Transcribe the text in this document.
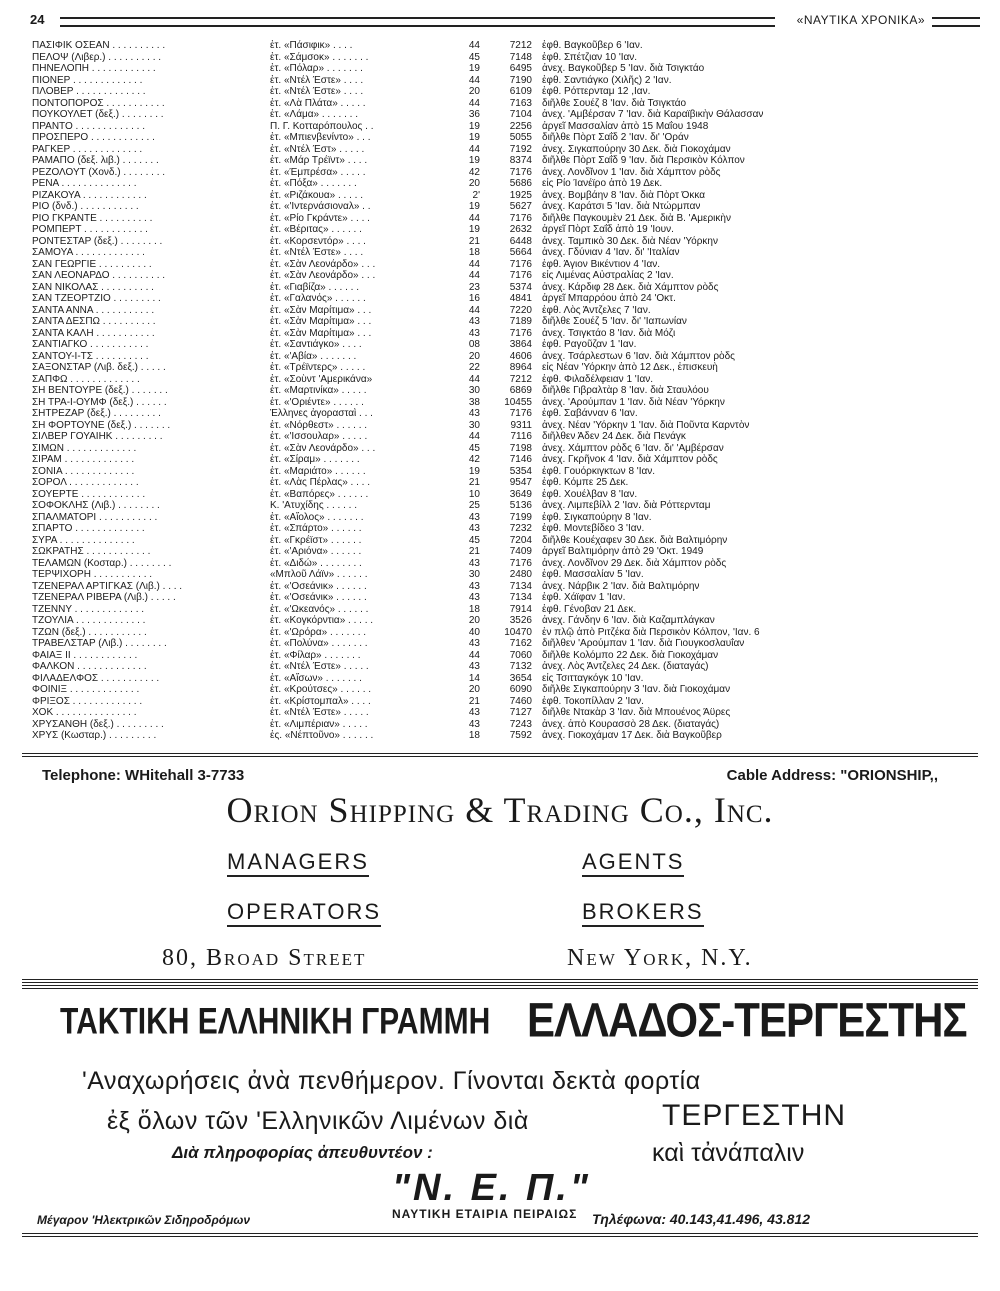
24	«ΝΑΥΤΙΚΑ ΧΡΟΝΙΚΑ»
ΠΑΣΙΦΙΚ ΟΣΕΑΝ . . . . . . . . . .	ἐτ. «Πάσιφικ» . . . .	44	7212 ἐφθ. Βαγκοῦβερ 6 'Ιαν.
ΠΕΛΟΨ (Λιβερ.) . . . . . . . . . .	ἐτ. «Σάμσοκ» . . . . . . .	45	7148 ἐφθ. Σπέτζιαν 10 'Ιαν.
ΠΗΝΕΛΟΠΗ . . . . . . . . . . . .	ἐτ. «Πόλαρ» . . . . . . .	19	6495 ἀνεχ. Βαγκοῦβερ 5 'Ιαν. διὰ Τσιγκτάο
ΠΙΟΝΕΡ . . . . . . . . . . . . .	ἐτ. «Ντέλ Έστε» . . . .	44	7190 ἐφθ. Σαντιάγκο (Χιλῆς) 2 'Ιαν.
ΠΛΟΒΕΡ . . . . . . . . . . . . .	ἐτ. «Ντέλ Έστε» . . . .	20	6109 ἐφθ. Ρόττερνταμ 12 ,Ιαν.
ΠΟΝΤΟΠΟΡΟΣ . . . . . . . . . . .	ἐτ. «Λὰ Πλάτα» . . . . .	44	7163 διῆλθε Σουέζ 8 'Ιαν. διὰ Τσιγκτάο
ΠΟΥΚΟΥΛΕΤ (δεξ.) . . . . . . . .	ἐτ. «Λάμα» . . . . . . .	36	7104 ἀνεχ. 'Αμβέρσαν 7 'Ιαν. διὰ Καραϊβικὴν Θάλασσαν
ΠΡΑΝΤΟ . . . . . . . . . . . . .	Π. Γ. Κοτταρόπουλος . .	19	2256 ἀργεῖ Μασσαλίαν ἀπὸ 15 Μαΐου 1948
ΠΡΟΣΠΕΡΟ . . . . . . . . . . . .	ἐτ. «Μπιενβενίντο» . . .	19	5055 διῆλθε Πὸρτ Σαΐδ 2 'Ιαν. δι' 'Οράν
ΡΑΓΚΕΡ . . . . . . . . . . . . .	ἐτ. «Ντέλ Έστ» . . . . .	44	7192 ἀνεχ. Σιγκαπούρην 30 Δεκ. διὰ Γιοκοχάμαν
ΡΑΜΑΠΟ (δεξ. λιβ.) . . . . . . .	ἐτ. «Μάρ Τρέϊντ» . . . .	19	8374 διῆλθε Πὸρτ Σαΐδ 9 'Ιαν. διὰ Περσικὸν Κόλπον
ΡΕΖΟΛΟΥΤ (Χονδ.) . . . . . . . .	ἐτ. «Έμπρέσα» . . . . .	42	7176 ἀνεχ. Λονδῖνον 1 'Ιαν. διὰ Χάμπτον ρὸδς
ΡΕΝΑ . . . . . . . . . . . . . .	ἐτ. «Πόξα» . . . . . . .	20	5686 εἰς Ρίο Ίανέϊρο ἀπὸ 19 Δεκ.
ΡΙΖΑΚΟΥΑ . . . . . . . . . . . .	ἐτ. «Ριζάκουα» . . . . .	2'	1925 ἀνεχ. Βομβάην 8 'Ιαν. διὰ Πὸρτ Όκκα
ΡΙΟ (δνδ.) . . . . . . . . . . .	ἐτ. «'Ιντερνάσιοναλ» . .	19	5627 ἀνεχ. Καράτσι 5 'Ιαν. διὰ Ντώρμπαν
ΡΙΟ ΓΚΡΑΝΤΕ . . . . . . . . . .	ἐτ. «Ρίο Γκράντε» . . . .	44	7176 διῆλθε Παγκουμὲν 21 Δεκ. διὰ Β. 'Αμερικὴν
ΡΟΜΠΕΡΤ . . . . . . . . . . . .	ἐτ. «Βέριτας» . . . . . .	19	2632 ἀργεῖ Πὸρτ Σαΐδ ἀπὸ 19 'Ιουν.
ΡΟΝΤΕΣΤΑΡ (δεξ.) . . . . . . . .	ἐτ. «Κορσεντόρ» . . . .	21	6448 ἀνεχ. Ταμπικὸ 30 Δεκ. διὰ Νέαν 'Υόρκην
ΣΑΜΟΥΑ . . . . . . . . . . . . .	ἐτ. «Ντέλ Έστε» . . . .	18	5664 ἀνεχ. Γδύνιαν 4 'Ιαν. δι' 'Ιταλίαν
ΣΑΝ ΓΕΩΡΓΙΕ . . . . . . . . . .	ἐτ. «Σὰν Λεονάρδο» . . .	44	7176 ἐφθ. Άγιον Βικέντιον 4 'Ιαν.
ΣΑΝ ΛΕΟΝΑΡΔΟ . . . . . . . . . .	ἐτ. «Σὰν Λεονάρδο» . . .	44	7176 εἰς Λιμένας Αὐστραλίας 2 'Ιαν.
ΣΑΝ ΝΙΚΟΛΑΣ . . . . . . . . . .	ἐτ. «Γιαβίζα» . . . . . .	23	5374 ἀνεχ. Κάρδιφ 28 Δεκ. διὰ Χάμπτον ρὸδς
ΣΑΝ ΤΖΕΟΡΤΖΙΟ . . . . . . . . .	ἐτ. «Γαλανός» . . . . . .	16	4841 ἀργεῖ Μπαρρόου ἀπὸ 24 'Οκτ.
ΣΑΝΤΑ ΑΝΝΑ . . . . . . . . . . .	ἐτ. «Σὰν Μαρίτιμα» . . .	44	7220 ἐφθ. Λὸς Άντζελες 7 'Ιαν.
ΣΑΝΤΑ ΔΕΣΠΩ . . . . . . . . . .	ἐτ. «Σὰν Μαρίτιμα» . . .	43	7189 διῆλθε Σουέζ 5 'Ιαν. δι' 'Ιαπωνίαν
ΣΑΝΤΑ ΚΑΛΗ . . . . . . . . . . .	ἐτ. «Σὰν Μαρίτιμα» . . .	43	7176 ἀνεχ. Τσιγκτάο 8 'Ιαν. διὰ Μόζι
ΣΑΝΤΙΑΓΚΟ . . . . . . . . . . .	ἐτ. «Σαντιάγκο» . . . .	08	3864 ἐφθ. Ραγοῦζαν 1 'Ιαν.
ΣΑΝΤΟΥ-Ι-ΤΣ . . . . . . . . . .	ἐτ. «'Αβία» . . . . . . .	20	4606 ἀνεχ. Τσάρλεστων 6 'Ιαν. διὰ Χάμπτον ρὸδς
ΣΑΞΟΝΣΤΑΡ (Λιβ. δεξ.) . . . . .	ἐτ. «Τρέϊντερς» . . . . .	22	8964 εἰς Νέαν 'Υόρκην ἀπὸ 12 Δεκ., ἐπισκευὴ
ΣΑΠΦΩ . . . . . . . . . . . . .	ἐτ. «Σοὺντ 'Αμερικάνα»	44	7212 ἐφθ. Φιλαδέλφειαν 1 'Ιαν.
ΣΗ ΒΕΝΤΟΥΡΕ (δεξ.) . . . . . . .	ἐτ. «Μαρτινίκα» . . . . .	30	6869 διῆλθε Γιβραλτὰρ 8 'Ιαν. διὰ Σταυλόου
ΣΗ ΤΡΑ-Ι-ΟΥΜΦ (δεξ.) . . . . . .	ἐτ. «'Οριέντε» . . . . . .	38	10455 ἀνεχ. 'Αρούμπαν 1 'Ιαν. διὰ Νέαν 'Υόρκην
ΣΗΤΡΕΖΑΡ (δεξ.) . . . . . . . . .	Έλληνες ἀγορασταὶ . . .	43	7176 ἐφθ. Σαβάνναν 6 'Ιαν.
ΣΗ ΦΟΡΤΟΥΝΕ (δεξ.) . . . . . . .	ἐτ. «Νόρθεστ» . . . . . .	30	9311 ἀνεχ. Νέαν 'Υόρκην 1 'Ιαν. διὰ Ποῦντα Καρντὸν
ΣΙΛΒΕΡ ΓΟΥΑΙΗΚ . . . . . . . . .	ἐτ. «'Ισσουλαρ» . . . . .	44	7116 διῆλθεν Άδεν 24 Δεκ. διὰ Πενάγκ
ΣΙΜΩΝ . . . . . . . . . . . . .	ἐτ. «Σὰν Λεονάρδο» . . .	45	7198 ἀνεχ. Χάμπτον ρὸδς 6 'Ιαν. δι' 'Αμβέρσαν
ΣΙΡΑΜ . . . . . . . . . . . . .	ἐτ. «Σίραμ» . . . . . . .	42	7146 ἀνεχ. Γκρῆνοκ 4 'Ιαν. διὰ Χάμπτον ρὸδς
ΣΟΝΙΑ . . . . . . . . . . . . .	ἐτ. «Μαριάτο» . . . . . .	19	5354 ἐφθ. Γουόρκιγκτων 8 'Ιαν.
ΣΟΡΟΛ . . . . . . . . . . . . .	ἐτ. «Λὰς Πέρλας» . . . .	21	9547 ἐφθ. Κόμπε 25 Δεκ.
ΣΟΥΕΡΤΕ . . . . . . . . . . . .	ἐτ. «Βαπόρες» . . . . . .	10	3649 ἐφθ. Χουέλβαν 8 'Ιαν.
ΣΟΦΟΚΛΗΣ (Λιβ.) . . . . . . . .	Κ. 'Ατυχίδης . . . . . .	25	5136 ἀνεχ. Λιμπεβίλλ 2 'Ιαν. διὰ Ρόττερνταμ
ΣΠΑΛΜΑΤΟΡΙ . . . . . . . . . . .	ἐτ. «Αἴολος» . . . . . . .	43	7199 ἐφθ. Σιγκαπούρην 8 'Ιαν.
ΣΠΑΡΤΟ . . . . . . . . . . . . .	ἐτ. «Σπάρτο» . . . . . .	43	7232 ἐφθ. Μοντεβίδεο 3 'Ιαν.
ΣΥΡΑ . . . . . . . . . . . . . .	ἐτ. «Γκρέϊστ» . . . . . .	45	7204 διῆλθε Κουέχαφεν 30 Δεκ. διὰ Βαλτιμόρην
ΣΩΚΡΑΤΗΣ . . . . . . . . . . . .	ἐτ. «'Αριόνα» . . . . . .	21	7409 ἀργεῖ Βαλτιμόρην ἀπὸ 29 'Οκτ. 1949
ΤΕΛΑΜΩΝ (Κοσταρ.) . . . . . . . .	ἐτ. «Διδώ» . . . . . . . .	43	7176 ἀνεχ. Λονδῖνον 29 Δεκ. διὰ Χάμπτον ρὸδς
ΤΕΡΨΙΧΟΡΗ . . . . . . . . . . .	«Μπλοῦ Λάϊν» . . . . . .	30	2480 ἐφθ. Μασσαλίαν 5 'Ιαν.
ΤΖΕΝΕΡΑΛ ΑΡΤΙΓΚΑΣ (Λιβ.) . . . .	ἐτ. «'Οσεάνικ» . . . . . .	43	7134 ἀνεχ. Νάρβικ 2 'Ιαν. διὰ Βαλτιμόρην
ΤΖΕΝΕΡΑΛ ΡΙΒΕΡΑ (Λιβ.) . . . . .	ἐτ. «'Οσεάνικ» . . . . . .	43	7134 ἐφθ. Χάϊφαν 1 'Ιαν.
ΤΖΕΝΝΥ . . . . . . . . . . . . .	ἐτ. «'Ωκεανός» . . . . . .	18	7914 ἐφθ. Γένοβαν 21 Δεκ.
ΤΖΟΥΛΙΑ . . . . . . . . . . . . .	ἐτ. «Κογκόρντια» . . . . .	20	3526 ἀνεχ. Γάνδην 6 'Ιαν. διὰ Καζαμπλάγκαν
ΤΖΩΝ (δεξ.) . . . . . . . . . . .	ἐτ. «'Ωρόρα» . . . . . . .	40	10470 ἐν πλῷ ἀπὸ Ριτζέκα διὰ Περσικὸν Κόλπον, 'Ιαν. 6
ΤΡΑΒΕΛΣΤΑΡ (Λιβ.) . . . . . . . .	ἐτ. «Πολύνα» . . . . . . .	43	7162 διῆλθεν 'Αρούμπαν 1 'Ιαν. διὰ Γιουγκοσλαυΐαν
ΦΑΙΑΞ ΙΙ . . . . . . . . . . . .	ἐτ. «Φίλαρ» . . . . . . .	44	7060 διῆλθε Κολόμπο 22 Δεκ. διὰ Γιοκοχάμαν
ΦΑΛΚΟΝ . . . . . . . . . . . . .	ἐτ. «Ντέλ Έστε» . . . . .	43	7132 ἀνεχ. Λὸς Άντζελες 24 Δεκ. (διαταγάς)
ΦΙΛΑΔΕΛΦΟΣ . . . . . . . . . . .	ἐτ. «Αἴσων» . . . . . . .	14	3654 εἰς Τσιτταγκόγκ 10 'Ιαν.
ΦΟΙΝΙΞ . . . . . . . . . . . . .	ἐτ. «Κρούτσες» . . . . . .	20	6090 διῆλθε Σιγκαπούρην 3 'Ιαν. διὰ Γιοκοχάμαν
ΦΡΙΞΟΣ . . . . . . . . . . . . .	ἐτ. «Κρίστομπαλ» . . . .	21	7460 ἐφθ. Τοκοπίλλαν 2 'Ιαν.
ΧΟΚ . . . . . . . . . . . . . . .	ἐτ. «Ντέλ Έστε» . . . . .	43	7127 διῆλθε Ντακὰρ 3 'Ιαν. διὰ Μπουένος Άϋρες
ΧΡΥΣΑΝΘΗ (δεξ.) . . . . . . . . .	ἐτ. «Λιμπέριαν» . . . . .	43	7243 ἀνεχ. ἀπὸ Κουρασσὸ 28 Δεκ. (διαταγάς)
ΧΡΥΣ (Κωσταρ.) . . . . . . . . .	ἐς. «Νέπτοῦνο» . . . . . .	18	7592 ἀνεχ. Γιοκοχάμαν 17 Δεκ. διὰ Βαγκοῦβερ
Telephone: WHitehall 3-7733	Cable Address: "ORIONSHIP,,
Orion Shipping & Trading Co., Inc.
MANAGERS	AGENTS
OPERATORS	BROKERS
80, Broad Street	New York, N.Y.
ΤΑΚΤΙΚΗ ΕΛΛΗΝΙΚΗ ΓΡΑΜΜΗ ΕΛΛΑΔΟΣ-ΤΕΡΓΕΣΤΗΣ
'Αναχωρήσεις ἀνὰ πενθήμερον. Γίνονται δεκτὰ φορτία
ἐξ ὅλων τῶν 'Ελληνικῶν Λιμένων διὰ	ΤΕΡΓΕΣΤΗΝ
Διὰ πληροφορίας ἀπευθυντέον :	καὶ τἀνάπαλιν
"Ν. Ε. Π."
ΝΑΥΤΙΚΗ ΕΤΑΙΡΙΑ ΠΕΙΡΑΙΩΣ
Μέγαρον 'Ηλεκτρικῶν Σιδηροδρόμων	Τηλέφωνα: 40.143,41.496, 43.812
